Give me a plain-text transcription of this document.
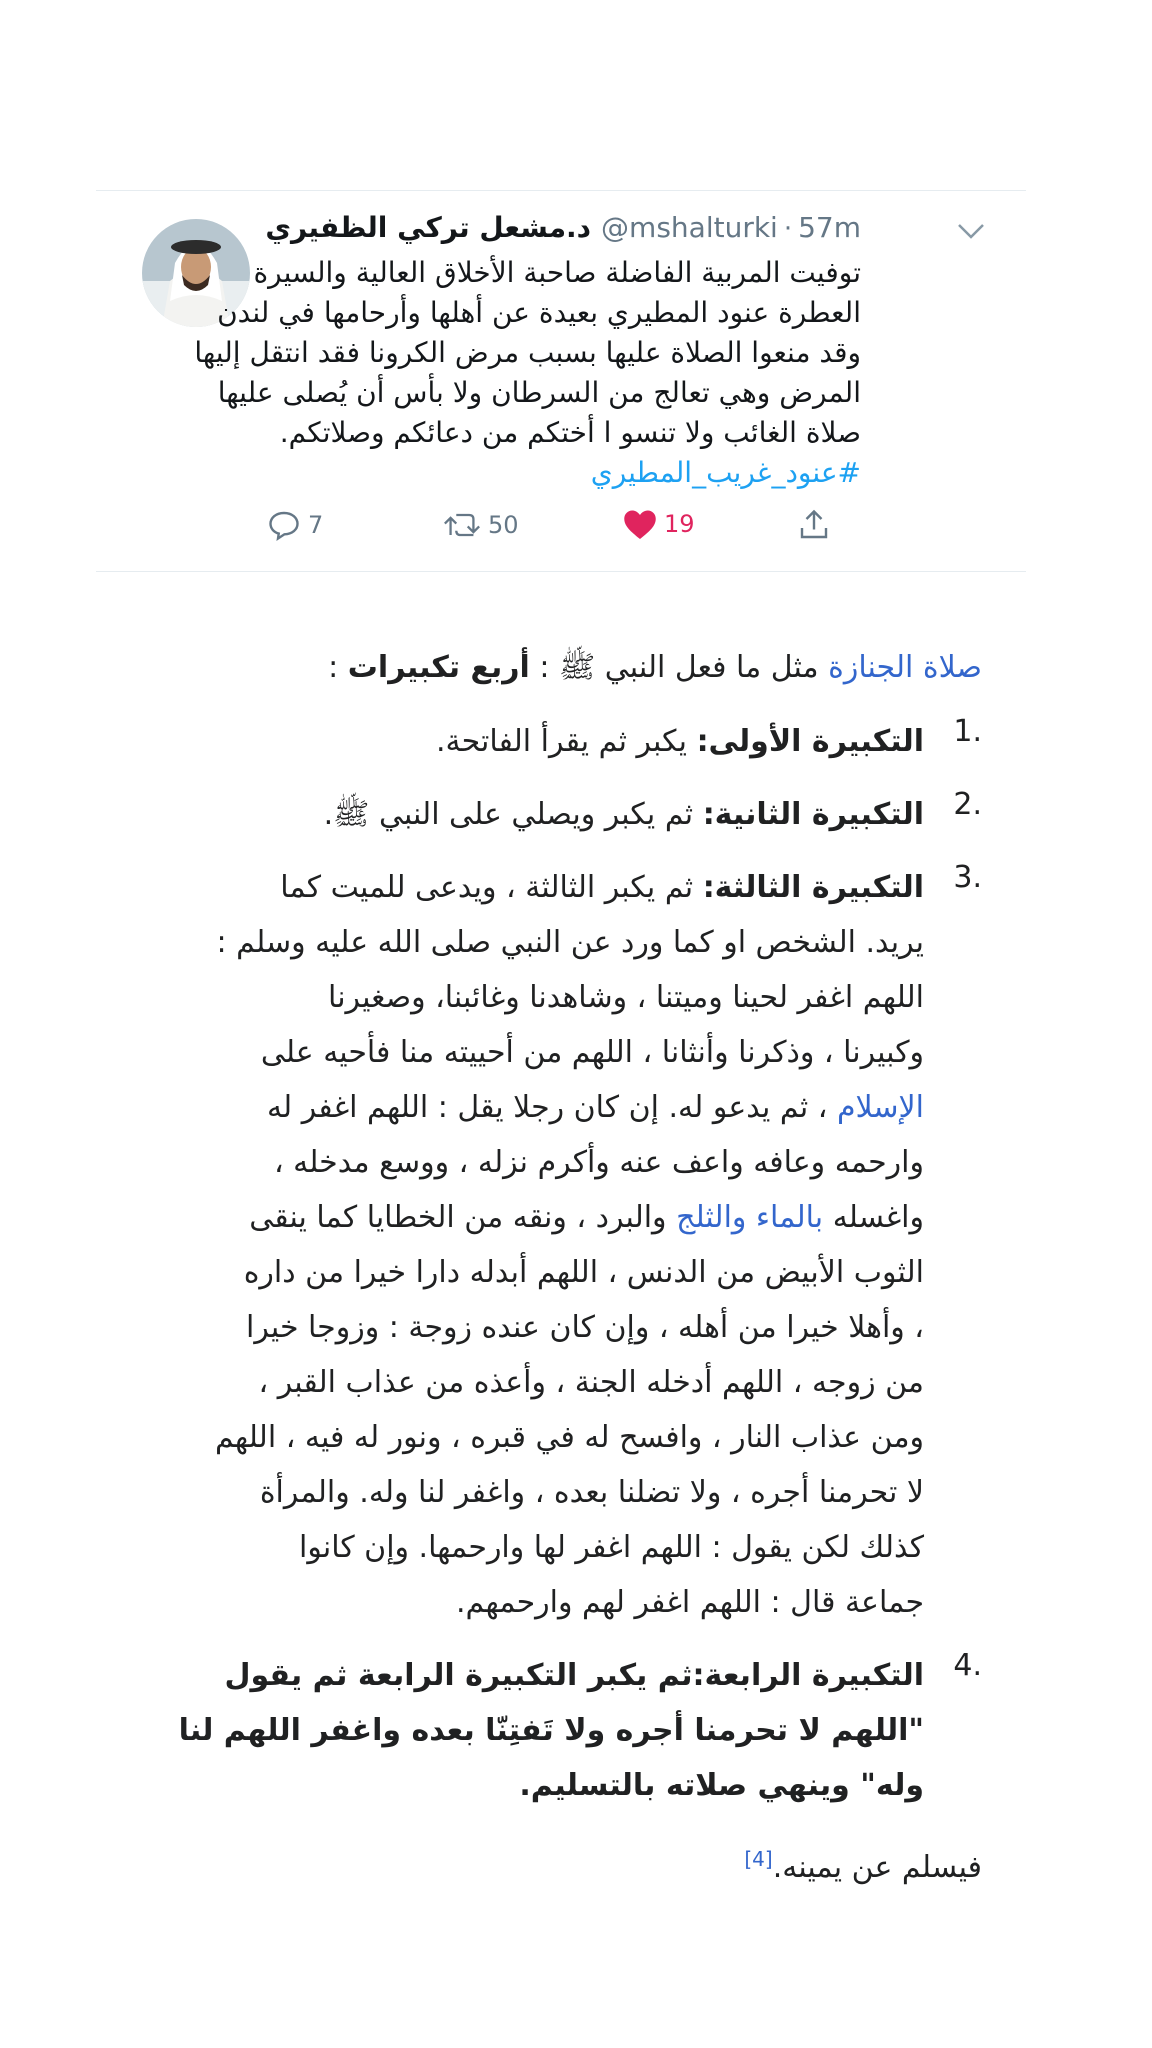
د.مشعل تركي الظفيري @mshalturki · 57m
توفيت المربية الفاضلة صاحبة الأخلاق العالية والسيرة
العطرة عنود المطيري بعيدة عن أهلها وأرحامها في لندن
وقد منعوا الصلاة عليها بسبب مرض الكرونا فقد انتقل إليها
المرض وهي تعالج من السرطان ولا بأس أن يُصلى عليها
صلاة الغائب ولا تنسو ا أختكم من دعائكم وصلاتكم.
#عنود_غريب_المطيري
7	50	19
صلاة الجنازة مثل ما فعل النبي ﷺ : أربع تكبيرات :
1.
التكبيرة الأولى: يكبر ثم يقرأ الفاتحة.
2.
التكبيرة الثانية: ثم يكبر ويصلي على النبي ﷺ.
3.
التكبيرة الثالثة: ثم يكبر الثالثة ، ويدعى للميت كما
يريد. الشخص او كما ورد عن النبي صلى الله عليه وسلم :
اللهم اغفر لحينا وميتنا ، وشاهدنا وغائبنا، وصغيرنا
وكبيرنا ، وذكرنا وأنثانا ، اللهم من أحييته منا فأحيه على
الإسلام ، ثم يدعو له. إن كان رجلا يقل : اللهم اغفر له
وارحمه وعافه واعف عنه وأكرم نزله ، ووسع مدخله ،
واغسله بالماء والثلج والبرد ، ونقه من الخطايا كما ينقى
الثوب الأبيض من الدنس ، اللهم أبدله دارا خيرا من داره
، وأهلا خيرا من أهله ، وإن كان عنده زوجة : وزوجا خيرا
من زوجه ، اللهم أدخله الجنة ، وأعذه من عذاب القبر ،
ومن عذاب النار ، وافسح له في قبره ، ونور له فيه ، اللهم
لا تحرمنا أجره ، ولا تضلنا بعده ، واغفر لنا وله. والمرأة
كذلك لكن يقول : اللهم اغفر لها وارحمها. وإن كانوا
جماعة قال : اللهم اغفر لهم وارحمهم.
4.
التكبيرة الرابعة:ثم يكبر التكبيرة الرابعة ثم يقول
"اللهم لا تحرمنا أجره ولا تَفتِنّا بعده واغفر اللهم لنا
وله" وينهي صلاته بالتسليم.
فيسلم عن يمينه.[4]
